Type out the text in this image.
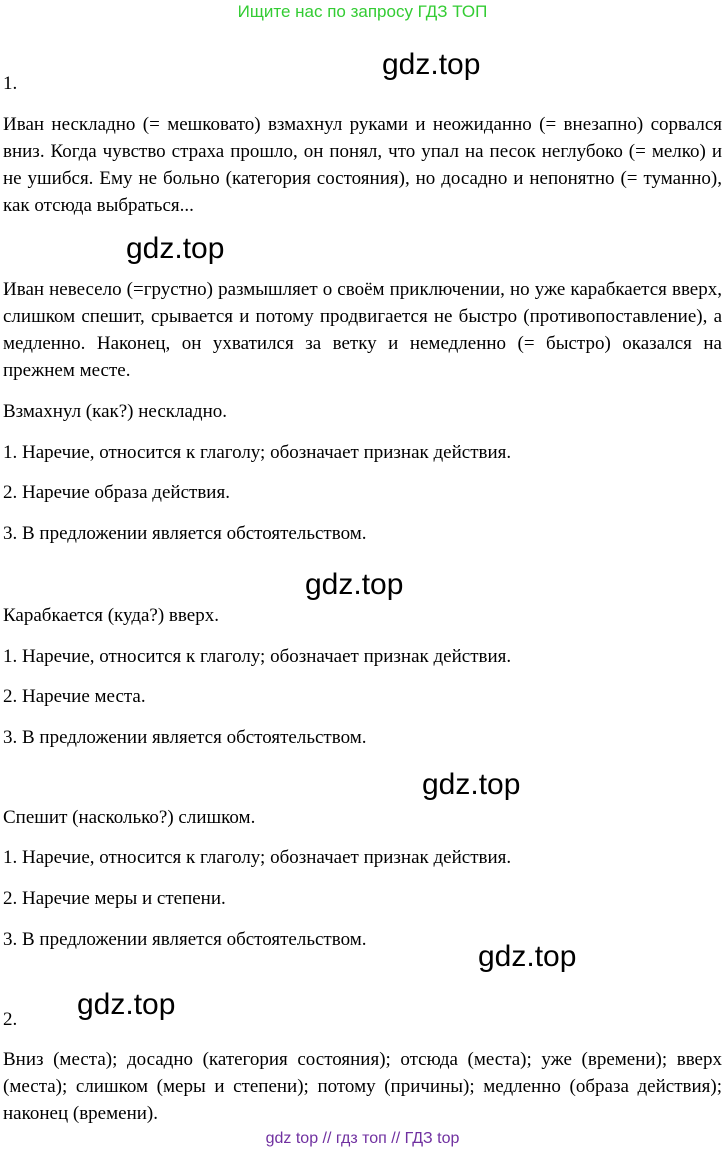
Ищите нас по запросу ГДЗ ТОП
gdz.top
1.

Иван нескладно (= мешковато) взмахнул руками и неожиданно (= внезапно) сорвался вниз. Когда чувство страха прошло, он понял, что упал на песок неглубоко (= мелко) и не ушибся. Ему не больно (категория состояния), но досадно и непонятно (= туманно), как отсюда выбраться...

gdz.top

Иван невесело (=грустно) размышляет о своём приключении, но уже карабкается вверх, слишком спешит, срывается и потому продвигается не быстро (противопоставление), а медленно. Наконец, он ухватился за ветку и немедленно (= быстро) оказался на прежнем месте.

Взмахнул (как?) нескладно.

1. Наречие, относится к глаголу; обозначает признак действия.

2. Наречие образа действия.

3. В предложении является обстоятельством.

gdz.top

Карабкается (куда?) вверх.

1. Наречие, относится к глаголу; обозначает признак действия.

2. Наречие места.

3. В предложении является обстоятельством.

gdz.top

Спешит (насколько?) слишком.

1. Наречие, относится к глаголу; обозначает признак действия.

2. Наречие меры и степени.

3. В предложении является обстоятельством.

gdz.top
gdz.top
2.

Вниз (места); досадно (категория состояния); отсюда (места); уже (времени); вверх (места); слишком (меры и степени); потому (причины); медленно (образа действия); наконец (времени).

gdz top // гдз топ // ГДЗ top
